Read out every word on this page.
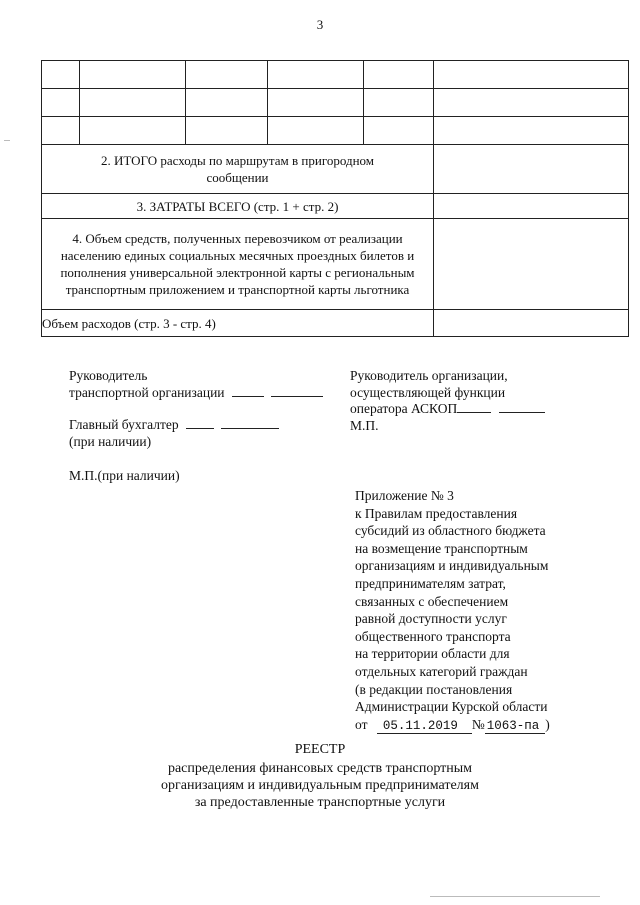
3

2. ИТОГО расходы по маршрутам в пригородном сообщении					
3. ЗАТРАТЫ ВСЕГО (стр. 1 + стр. 2)					
4. Объем средств, полученных перевозчиком от реализации населению единых социальных месячных проездных билетов и пополнения универсальной электронной карты с региональным транспортным приложением и транспортной карты льготника					
Объем расходов (стр. 3 - стр. 4)					
Руководитель
транспортной организации
Главный бухгалтер
(при наличии)
М.П.(при наличии)
Руководитель организации,
осуществляющей функции
оператора АСКОП
М.П.
Приложение № 3
к Правилам предоставления
субсидий из областного бюджета
на возмещение транспортным
организациям и индивидуальным
предпринимателям затрат,
связанных с обеспечением
равной доступности услуг
общественного транспорта
на территории области для
отдельных категорий граждан
(в редакции постановления
Администрации Курской области
от 05.11.2019 № 1063-па )
РЕЕСТР
распределения финансовых средств транспортным
организациям и индивидуальным предпринимателям
за предоставленные транспортные услуги
